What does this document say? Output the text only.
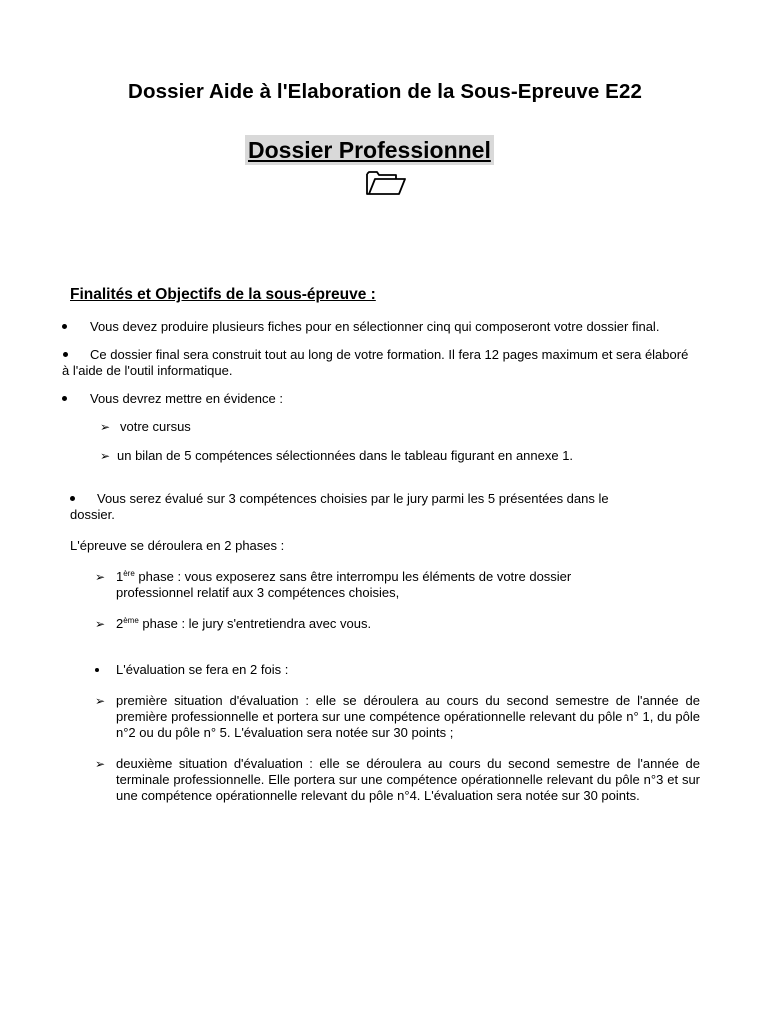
Dossier Aide à l'Elaboration de la Sous-Epreuve E22
Dossier Professionnel
Finalités et Objectifs de la sous-épreuve :
Vous devez produire plusieurs fiches pour en sélectionner cinq qui composeront votre dossier final.
Ce dossier final sera construit tout au long de votre formation. Il fera 12 pages maximum et sera élaboré
à l'aide de l'outil informatique.
Vous devrez mettre en évidence :
➢ votre cursus
➢ un bilan de 5 compétences sélectionnées dans le tableau figurant en annexe 1.
Vous serez évalué sur 3 compétences choisies par le jury parmi les 5 présentées dans le
dossier.
L'épreuve se déroulera en 2 phases :
➢ 1ère phase : vous exposerez sans être interrompu les éléments de votre dossier
professionnel relatif aux 3 compétences choisies,
➢ 2ème phase : le jury s'entretiendra avec vous.
L'évaluation se fera en 2 fois :
➢ première situation d'évaluation : elle se déroulera au cours du second semestre de l'année de première professionnelle et portera sur une compétence opérationnelle relevant du pôle n° 1, du pôle n°2 ou du pôle n° 5. L'évaluation sera notée sur 30 points ;
➢ deuxième situation d'évaluation : elle se déroulera au cours du second semestre de l'année de terminale professionnelle. Elle portera sur une compétence opérationnelle relevant du pôle n°3 et sur une compétence opérationnelle relevant du pôle n°4. L'évaluation sera notée sur 30 points.
